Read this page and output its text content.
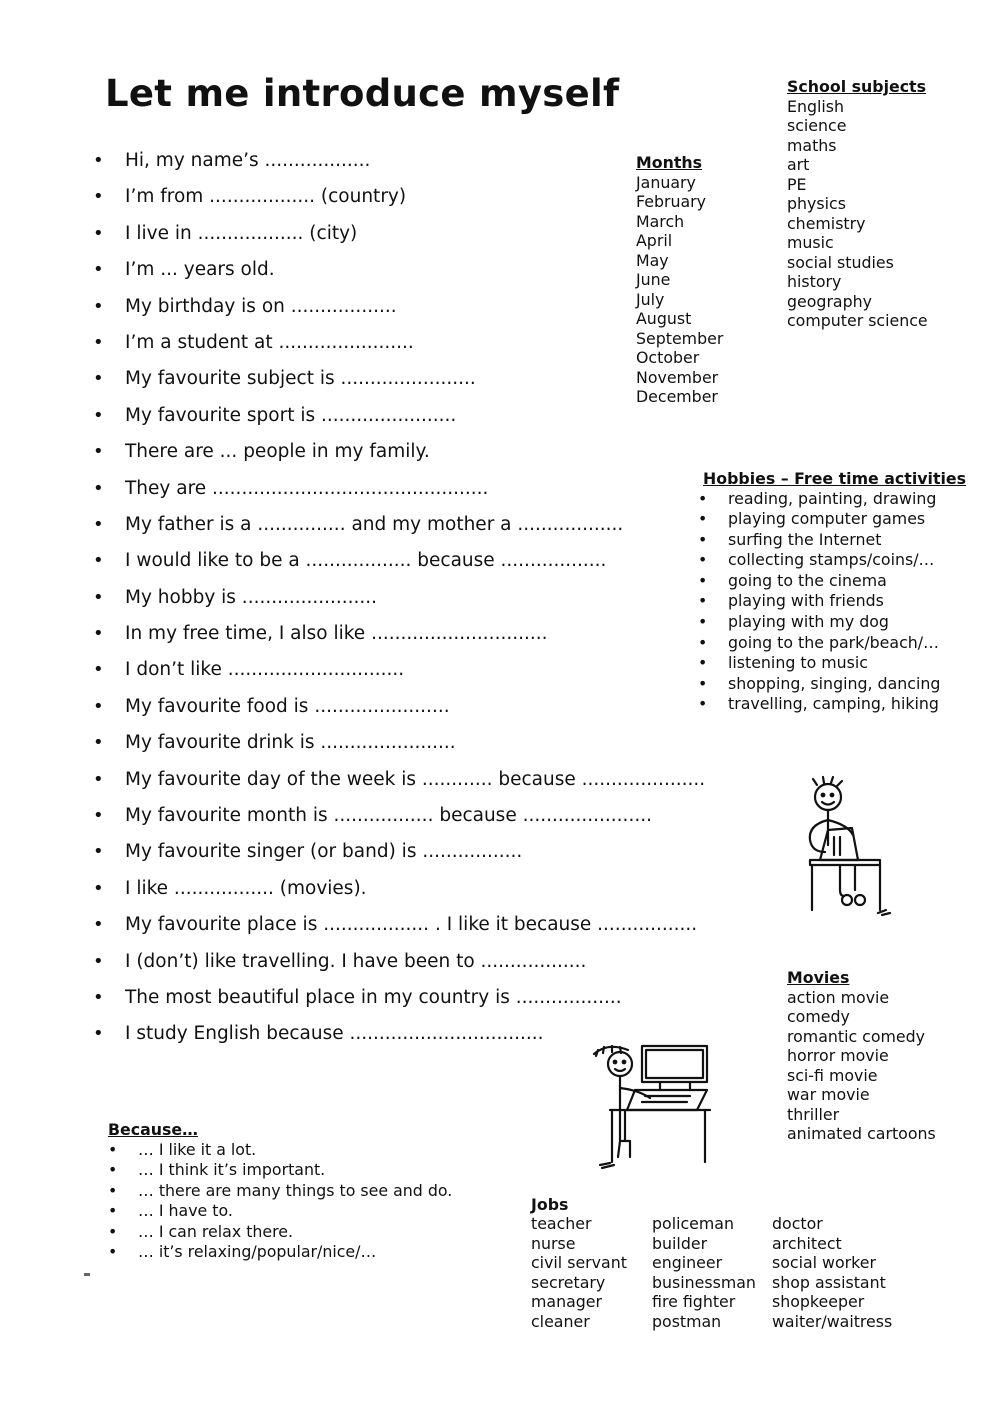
Let me introduce myself
• Hi, my name’s ..................
• I’m from .................. (country)
• I live in .................. (city)
• I’m ... years old.
• My birthday is on ..................
• I’m a student at .......................
• My favourite subject is .......................
• My favourite sport is .......................
• There are ... people in my family.
• They are ...............................................
• My father is a ............... and my mother a ..................
• I would like to be a .................. because ..................
• My hobby is .......................
• In my free time, I also like ..............................
• I don’t like ..............................
• My favourite food is .......................
• My favourite drink is .......................
• My favourite day of the week is ............ because .....................
• My favourite month is ................. because ......................
• My favourite singer (or band) is .................
• I like ................. (movies).
• My favourite place is .................. . I like it because .................
• I (don’t) like travelling. I have been to ..................
• The most beautiful place in my country is ..................
• I study English because .................................
School subjects
English
science
maths
art
PE
physics
chemistry
music
social studies
history
geography
computer science
Months
January
February
March
April
May
June
July
August
September
October
November
December
Hobbies – Free time activities
• reading, painting, drawing
• playing computer games
• surfing the Internet
• collecting stamps/coins/…
• going to the cinema
• playing with friends
• playing with my dog
• going to the park/beach/…
• listening to music
• shopping, singing, dancing
• travelling, camping, hiking
Movies
action movie
comedy
romantic comedy
horror movie
sci-fi movie
war movie
thriller
animated cartoons
Because…
• … I like it a lot.
• … I think it’s important.
• … there are many things to see and do.
• … I have to.
• … I can relax there.
• … it’s relaxing/popular/nice/…
Jobs
teacher
nurse
civil servant
secretary
manager
cleaner
policeman
builder
engineer
businessman
fire fighter
postman
doctor
architect
social worker
shop assistant
shopkeeper
waiter/waitress
